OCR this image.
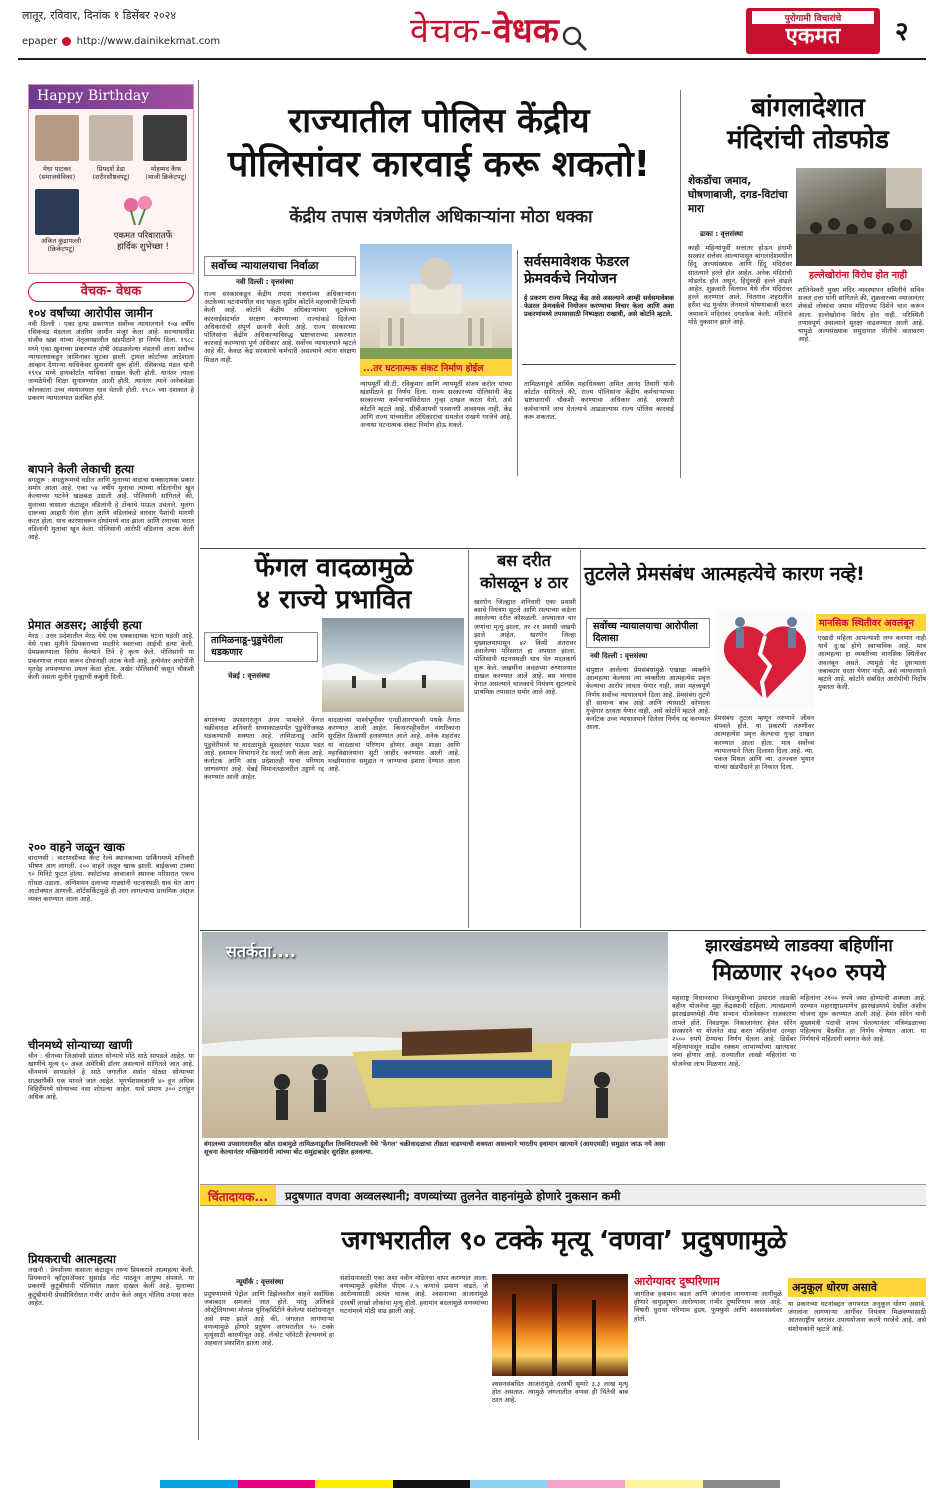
लातूर, रविवार, दिनांक १ डिसेंबर २०२४
epaper http://www.dainikekmat.com	वेचक-वेधक	पुरोगामी विचारांचे
एकमत	२
Happy Birthday
मेधा पाटकर
(समाजसेविका)
प्रियदर्श डेढा
(शरीरसौष्ठवपटू)
मोहम्मद कैफ
(माजी क्रिकेटपटू)
अंकित कुंद्रापल्ली
(क्रिकेटपटू)
एकमत परिवारातर्फे
हार्दिक शुभेच्छा !
वेचक- वेधक
१०४ वर्षांच्या आरोपीस जामीन
नवी दिल्ली : एका हत्या प्रकरणात सर्वोच्च न्यायालयाने १०४ वर्षीय रसिकचंद्र मंडलला अंतरिम जामीन मंजूर केला आहे. सरन्यायाधीश संजीव खन्ना यांच्या नेतृत्वाखालील खंडपीठाने हा निर्णय दिला. १९८८ मध्ये एका खुनाच्या प्रकरणात दोषी आढळलेल्या मंडलची आता सर्वोच्च न्यायालयाकडून जामिनावर सुटका झाली. ट्रायल कोर्टाच्या आदेशाला आव्हान देणाऱ्या याचिकेवर सुनावणी सुरू होती. रसिकचंद्र मंडल यांनी १९९४ मध्ये हायकोर्टात याचिका दाखल केली होती. यानंतर त्याला जन्मठेपेची शिक्षा सुनावण्यात आली होती. त्यानंतर त्याने अनेकवेळा कोलकाता उच्च न्यायालयात धाव घेतली होती. १९८० च्या दशकात हे प्रकरण न्यायालयात प्रलंबित होते.
बापाने केली लेकाची हत्या
बंगळूरू : बंगळुरूमध्ये वडील आणि मुलाच्या वादाचा धक्कादायक प्रकार समोर आला आहे. एका ५४ वर्षीय मुलाचा त्याच्या वडिलांनीच खून केल्याच्या घटनेने खळबळ उडाली आहे. पोलिसांनी सांगितले की, मुलाच्या त्रासाला कंटाळून वडिलांनी हे टोकाचे पाऊल उचलले. मुलगा दारूच्या आहारी गेला होता आणि वडिलांकडे वारंवार पैशांची मागणी करत होता. याच कारणावरून दोघांमध्ये वाद झाला आणि रागाच्या भरात वडिलांनी मुलाचा खून केला. पोलिसांनी आरोपी वडिलांना अटक केली आहे.
प्रेमात अडसर; आईची हत्या
मेरठ : उत्तर प्रदेशातील मेरठ येथे एक धक्कादायक घटना घडली आहे. येथे एका मुलीने प्रियकराच्या मदतीने स्वतःच्या आईची हत्या केली. प्रेमप्रकरणाला विरोध केल्याने तिने हे कृत्य केले. पोलिसांनी या प्रकरणाचा तपास करून दोघांनाही अटक केली आहे. हत्येनंतर आरोपींनी मृतदेह लपवण्याचा प्रयत्न केला होता. अखेर पोलिसांनी कसून चौकशी केली असता मुलीने गुन्ह्याची कबुली दिली.
२०० वाहने जळून खाक
वाराणसी : वाराणसीच्या कॅन्ट रेल्वे स्थानकाच्या पार्किंगमध्ये शनिवारी भीषण आग लागली. २०० वाहने जळून खाक झाली. बाईकच्या टाक्या ९० मिनिटे फुटत होत्या. स्फोटांच्या आवाजाने स्थानक परिसरात एकच गोंधळ उडाला. अग्निशमन दलाच्या गाड्यांनी घटनास्थळी धाव घेत आग आटोक्यात आणली. शॉर्टसर्किटमुळे ही आग लागल्याचा प्राथमिक अंदाज व्यक्त करण्यात आला आहे.
चीनमध्ये सोन्याच्या खाणी
चीन : चीनच्या जिआंग्शी प्रांतात सोन्याचे मोठे साठे सापडले आहेत. या खाणींचे मूल्य ६० अब्ज अमेरिकी डॉलर असल्याचे सांगितले जात आहे. चीनमध्ये सापडलेले हे साठे जगातील सर्वात मोठ्या सोन्याच्या साठ्यांपैकी एक मानले जात आहेत. भूगर्भशास्त्रज्ञांनी ४० हून अधिक विहिरींमध्ये सोन्याच्या नसा शोधल्या आहेत. याचे प्रमाण ३०० टनांहून अधिक आहे.
प्रियकराची आत्महत्या
लखनौ : प्रेयसीच्या त्रासाला कंटाळून तरुण प्रियकराने आत्महत्या केली. प्रियकराने व्हॉट्सअ‍ॅपवर सुसाईड नोट पाठवून आयुष्य संपवले. या प्रकरणी कुटुंबीयांनी पोलिसांत तक्रार दाखल केली आहे. मुलाच्या कुटुंबीयांनी प्रेयसीविरोधात गंभीर आरोप केले असून पोलिस तपास करत आहेत.
राज्यातील पोलिस केंद्रीय
पोलिसांवर कारवाई करू शकतो!
केंद्रीय तपास यंत्रणेतील अधिकाऱ्यांना मोठा धक्का
सर्वोच्च न्यायालयाचा निर्वाळा
नवी दिल्ली : वृत्तसंस्था
...तर घटनात्मक संकट निर्माण होईल
राज्य सरकारकडून केंद्रीय तपास यंत्रणांच्या अधिकाऱ्यांना अटकेच्या घटनांमधील वाद पाहता सुप्रीम कोर्टाने महत्त्वाची टिप्पणी केली आहे. कोर्टाने केंद्रीय अधिकाऱ्यांच्या सुटकेच्या कारवाईसंदर्भात संरक्षण करण्याच्या राज्यांकडे दिलेल्या अधिकारांची संपूर्ण छाननी केली आहे. राज्य सरकारच्या पोलिसांना केंद्रीय अधिकाऱ्यांविरुद्ध भ्रष्टाचाराच्या प्रकरणात कारवाई करण्याचा पूर्ण अधिकार आहे. सर्वोच्च न्यायालयाने म्हटले आहे की, केवळ केंद्र सरकारचे कर्मचारी असल्याने त्यांना संरक्षण मिळत नाही.
न्यायमूर्ती सी.टी. रविकुमार आणि न्यायमूर्ती संजय करोल यांच्या खंडपीठाने हा निर्णय दिला. राज्य सरकारच्या पोलिसांनी केंद्र सरकारच्या कर्मचाऱ्यांविरोधात गुन्हा दाखल करता येतो, असे कोर्टाने म्हटले आहे. सीबीआयची परवानगी आवश्यक नाही. केंद्र आणि राज्य यांच्यातील अधिकारांचा समतोल राखणे गरजेचे आहे, अन्यथा घटनात्मक संकट निर्माण होऊ शकते.
सर्वसमावेशक फेडरल
फ्रेमवर्कचे नियोजन
हे प्रकरण राज्य विरुद्ध केंद्र असे असल्याने आम्ही सर्वसमावेशक फेडरल फ्रेमवर्कचे नियोजन करण्याचा विचार केला आणि अशा प्रकरणांमध्ये तपासासाठी निष्पक्षता राखावी, असे कोर्टाने म्हटले.
तामिळनाडूचे आर्थिक महाधिवक्ता अमित आनंद तिवारी यांनी कोर्टात सांगितले की, राज्य पोलिसांना केंद्रीय कर्मचाऱ्यांच्या भ्रष्टाचाराची चौकशी करण्याचा अधिकार आहे. सरकारी कर्मचाऱ्याने लाच घेतल्याचे आढळल्यास राज्य पोलिस कारवाई करू शकतात.
बांगलादेशात
मंदिरांची तोडफोड
शेकडोंचा जमाव, घोषणाबाजी, दगड-विटांचा मारा
ढाका : वृत्तसंस्था
हल्लेखोरांना विरोध होत नाही
काही महिन्यांपूर्वी सत्तांतर होऊन हंगामी सरकार सत्तेवर आल्यापासून बांगलादेशमधील हिंदू अल्पसंख्याक आणि हिंदू मंदिरांवर सातत्याने हल्ले होत आहेत. अनेक मंदिरांची मोडतोड होत असून, हिंदूंवरही हल्ले वाढले आहेत. शुक्रवारी चितगाव येथे तीन मंदिरांवर हल्ले करण्यात आले. चितगाव शहरातील हरीश चंद्र मुन्सेफ लेनमध्ये घोषणाबाजी करत जमावाने मंदिरांवर दगडफेक केली. मंदिरांचे मोठे नुकसान झाले आहे.
शांतिनेश्वरी मुख्य मंदिर व्यवस्थापन समितीचे सचिव सजल दत्ता यांनी सांगितले की, शुक्रवारच्या नमाजानंतर शेकडो लोकांचा जमाव मंदिराच्या दिशेने चाल करून आला. हल्लेखोरांना विरोध होत नाही. परिस्थिती तणावपूर्ण असल्याने सुरक्षा वाढवण्यात आली आहे. यामुळे अल्पसंख्याक समुदायात भीतीचे वातावरण आहे.
फेंगल वादळामुळे
४ राज्ये प्रभावित
तामिळनाडू-पुडुचेरीला धडकणार
चेन्नई : वृत्तसंस्था
बंगालच्या उपसागरातून उगम पावलेले फेंगल चक्रीवादळ शनिवारी संध्याकाळपर्यंत पुडुचेरीजवळ धडकण्याची शक्यता आहे. तामिळनाडू आणि पुडुचेरीमध्ये या वादळामुळे मुसळधार पाऊस पडत आहे. हवामान विभागाने रेड अलर्ट जारी केला आहे. कर्नाटक आणि आंध्र प्रदेशातही याचा परिणाम जाणवणार आहे. चेन्नई विमानतळावरील उड्डाणे रद्द करण्यात आली आहेत.
वादळाच्या पार्श्वभूमीवर एनडीआरएफची पथके तैनात करण्यात आली आहेत. किनारपट्टीवरील नागरिकांना सुरक्षित ठिकाणी हलवण्यात आले आहे. अनेक शहरांवर या वादळाचा परिणाम होणार असून शाळा आणि महाविद्यालयांना सुटी जाहीर करण्यात आली आहे. मच्छीमारांना समुद्रात न जाण्याचा इशारा देण्यात आला आहे.
बस दरीत
कोसळून ४ ठार
खरगोन जिल्ह्यात शनिवारी एका प्रवासी बसचे नियंत्रण सुटले आणि रस्त्याच्या कडेला असलेल्या दरीत कोसळली. अपघातात चार जणांचा मृत्यू झाला, तर २१ प्रवासी जखमी झाले आहेत. खरगोन जिल्हा मुख्यालयापासून ४२ किमी अंतरावर असलेल्या परिसरात हा अपघात झाला. पोलिसांनी घटनास्थळी धाव घेत मदतकार्य सुरू केले. जखमींना जवळच्या रुग्णालयात दाखल करण्यात आले आहे. बस भरधाव वेगात असल्याने चालकाचे नियंत्रण सुटल्याचे प्राथमिक तपासात समोर आले आहे.
तुटलेले प्रेमसंबंध आत्महत्येचे कारण नव्हे!
सर्वोच्च न्यायालयाचा आरोपीला दिलासा
नवी दिल्ली : वृत्तसंस्था
मानसिक स्थितीवर अवलंबून
संपुष्टात आलेल्या प्रेमसंबंधांमुळे एखाद्या व्यक्तीने आत्महत्या केल्यास त्या व्यक्तीला आत्महत्येस प्रवृत्त केल्याचा आरोप लावता येणार नाही, असा महत्त्वपूर्ण निर्णय सर्वोच्च न्यायालयाने दिला आहे. प्रेमसंबंध तुटणे ही सामान्य बाब आहे आणि त्यासाठी कोणाला गुन्हेगार ठरवता येणार नाही, असे कोर्टाने म्हटले आहे. कर्नाटक उच्च न्यायालयाने दिलेला निर्णय रद्द करण्यात आला.
प्रेमसंबंध तुटला म्हणून तरुणाने जीवन संपवले होते. या प्रकरणी तरुणीवर आत्महत्येस प्रवृत्त केल्याचा गुन्हा दाखल करण्यात आला होता. मात्र सर्वोच्च न्यायालयाने तिला दिलासा दिला आहे. न्या. पंकज मिथल आणि न्या. उज्ज्वल भुयान यांच्या खंडपीठाने हा निकाल दिला.
एखादी महिला आपल्याशी लग्न करणार नाही याचे दु:ख होणे स्वाभाविक आहे. मात्र आत्महत्या हा व्यक्तीच्या मानसिक स्थितीवर अवलंबून असते. त्यामुळे थेट दुसऱ्याला जबाबदार धरता येणार नाही, असे न्यायालयाने म्हटले आहे. कोर्टाने संबंधित आरोपीची निर्दोष मुक्तता केली.
सतर्कता....
बंगालच्या उपसागरावरील खोल दाबामुळे तामिळनाडूतील तिरुचिरापल्ली येथे 'फेंगल' चक्रीवादळाचा तीव्रता वाढण्याची शक्यता असल्याने भारतीय हवामान खात्याने (आयएमडी) समुद्रात जाऊ नये असा सूचना केल्यानंतर मच्छिमारांनी त्यांच्या बोट समुद्राबाहेर सुरक्षित हलवल्या.
झारखंडमध्ये लाडक्या बहिणींना
मिळणार २५०० रुपये
महाराष्ट्र विधानसभा निवडणुकीच्या प्रचारात लाडकी बहीण योजनेचा मुद्दा केंद्रस्थानी राहिला. त्याचप्रमाणे झारखंडमध्येही मैया सन्मान योजनेवरून राजकारण तापले होते. निवडणूक निकालानंतर हेमंत सोरेन सरकारने या योजनेत वाढ करत महिलांना दरमहा २५०० रुपये देण्याचा निर्णय घेतला आहे. डिसेंबर महिन्यापासून वाढीव रक्कम लाभार्थ्यांच्या खात्यावर जमा होणार आहे. राज्यातील लाखो महिलांना या योजनेचा लाभ मिळणार आहे.
महिलांना २१०० रुपये जमा होण्याची शक्यता आहे. दरम्यान महाराष्ट्राप्रमाणेच झारखंडमध्ये देखील अशीच योजना सुरू करण्यात आली आहे. हेमंत सोरेन यांनी मुख्यमंत्री पदाची शपथ घेतल्यानंतर मंत्रिमंडळाच्या पहिल्याच बैठकीत हा निर्णय घेण्यात आला. या निर्णयाचे महिलांनी स्वागत केले आहे.
चिंतादायक... प्रदुषणात वणवा अव्वलस्थानी; वणव्यांच्या तुलनेत वाहनांमुळे होणारे नुकसान कमी
जगभरातील ९० टक्के मृत्यू ‘वणवा’ प्रदुषणामुळे
न्यूयॉर्क : वृत्तसंस्था
प्रदुषणामध्ये पेट्रोल आणि डिझेलवरील वाहने सर्वाधिक जबाबदार समजले जात होते. परंतु अलिकडे ऑस्ट्रेलियाच्या मोनाश युनिव्हर्सिटीने केलेल्या संशोधनातून असे स्पष्ट झाले आहे की, जंगलात लागणाऱ्या वणव्यामुळे होणारे प्रदुषण जगभरातील ९० टक्के मृत्यूंसाठी कारणीभूत आहे. लॅन्सेट प्लॅनेटरी हेल्थमध्ये हा अहवाल प्रकाशित झाला आहे.
संशोधनासाठी एका अशा नवीन मॉडेलचा वापर करण्यात आला. वणव्यामुळे हवेतील पीएम २.५ कणांचे प्रमाण वाढते, जे आरोग्यासाठी अत्यंत घातक आहे. श्वसनाच्या आजारांमुळे दरवर्षी लाखो लोकांचा मृत्यू होतो. हवामान बदलामुळे वणव्यांच्या घटनांमध्ये मोठी वाढ झाली आहे.
श्वसनसंबंधित आजारांमुळे दरवर्षी सुमारे ३.३ लाख मृत्यू होत असतात. त्यामुळे जंगलातील वणवा ही चिंतेची बाब ठरत आहे.
आरोग्यावर दुष्परिणाम
जागतिक हवामान बदल आणि जंगलांना लागणाऱ्या आगींमुळे होणारे वायुप्रदुषण आरोग्यावर गंभीर दुष्परिणाम करत आहे. विषारी धुराचा परिणाम हृदय, फुफ्फुसे आणि श्वसनसंस्थेवर होतो.
अनुकूल धोरण असावे
या प्रकारच्या घटनांबद्दल जगभरात अनुकूल धोरण असावे. जंगलांना लागणाऱ्या आगींवर नियंत्रण मिळवण्यासाठी आंतरराष्ट्रीय स्तरावर उपाययोजना करणे गरजेचे आहे, असे संशोधकांनी म्हटले आहे.
